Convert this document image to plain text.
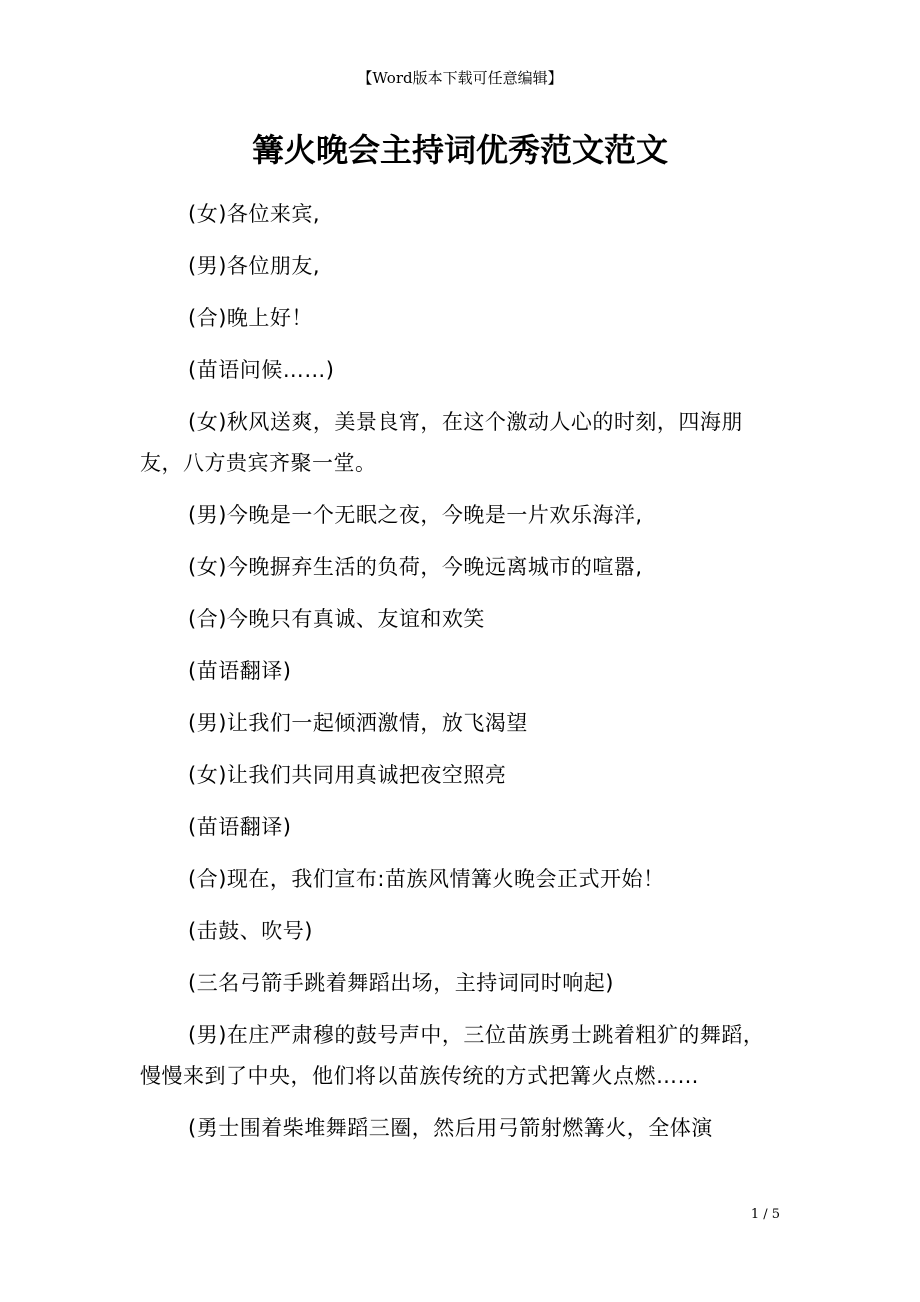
【Word版本下载可任意编辑】
篝火晚会主持词优秀范文范文

(女)各位来宾,

(男)各位朋友,

(合)晚上好！

(苗语问候……)

(女)秋风送爽，美景良宵，在这个激动人心的时刻，四海朋友，八方贵宾齐聚一堂。

(男)今晚是一个无眠之夜，今晚是一片欢乐海洋,

(女)今晚摒弃生活的负荷，今晚远离城市的喧嚣,

(合)今晚只有真诚、友谊和欢笑

(苗语翻译)

(男)让我们一起倾洒激情，放飞渴望

(女)让我们共同用真诚把夜空照亮

(苗语翻译)

(合)现在，我们宣布:苗族风情篝火晚会正式开始！

(击鼓、吹号)

(三名弓箭手跳着舞蹈出场，主持词同时响起)

(男)在庄严肃穆的鼓号声中，三位苗族勇士跳着粗犷的舞蹈，慢慢来到了中央，他们将以苗族传统的方式把篝火点燃……

(勇士围着柴堆舞蹈三圈，然后用弓箭射燃篝火，全体演

1 / 5
